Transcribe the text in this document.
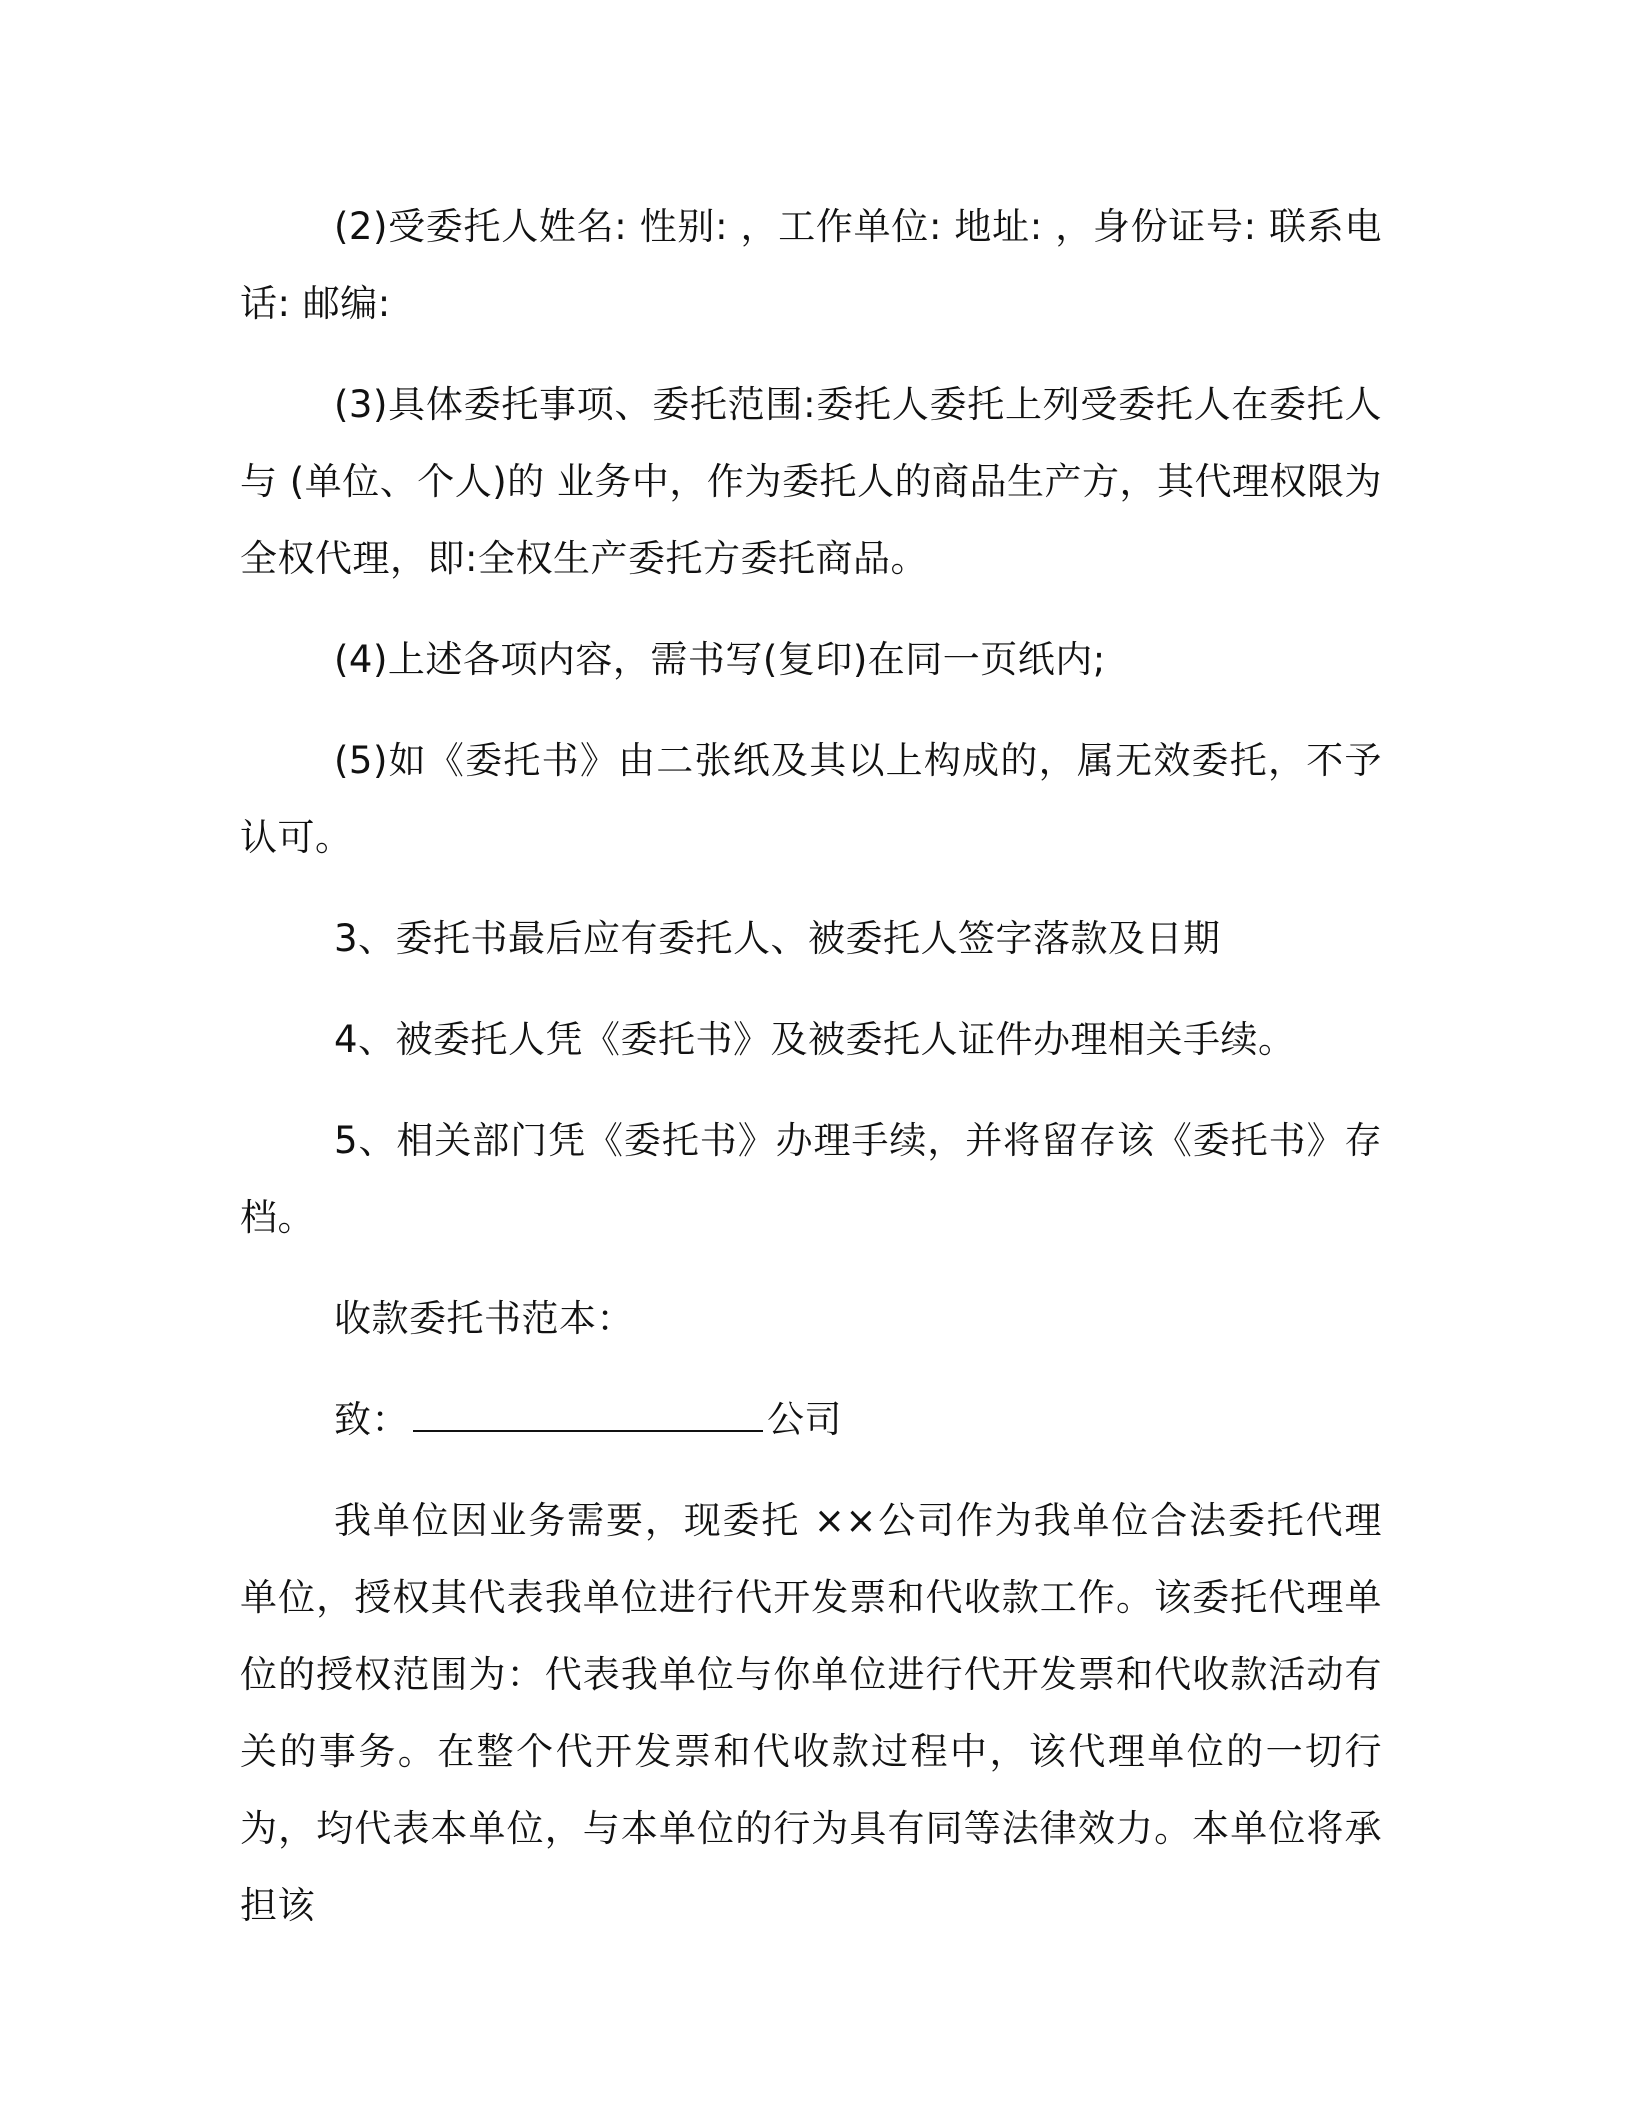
(2)受委托人姓名: 性别: ，工作单位: 地址: ，身份证号: 联系电话: 邮编:

(3)具体委托事项、委托范围:委托人委托上列受委托人在委托人与 (单位、个人)的 业务中，作为委托人的商品生产方，其代理权限为全权代理，即:全权生产委托方委托商品。

(4)上述各项内容，需书写(复印)在同一页纸内;

(5)如《委托书》由二张纸及其以上构成的，属无效委托，不予认可。

3、委托书最后应有委托人、被委托人签字落款及日期

4、被委托人凭《委托书》及被委托人证件办理相关手续。

5、相关部门凭《委托书》办理手续，并将留存该《委托书》存档。

收款委托书范本：

致：	公司

我单位因业务需要，现委托 ××公司作为我单位合法委托代理单位，授权其代表我单位进行代开发票和代收款工作。该委托代理单位的授权范围为：代表我单位与你单位进行代开发票和代收款活动有关的事务。在整个代开发票和代收款过程中，该代理单位的一切行为，均代表本单位，与本单位的行为具有同等法律效力。本单位将承担该
